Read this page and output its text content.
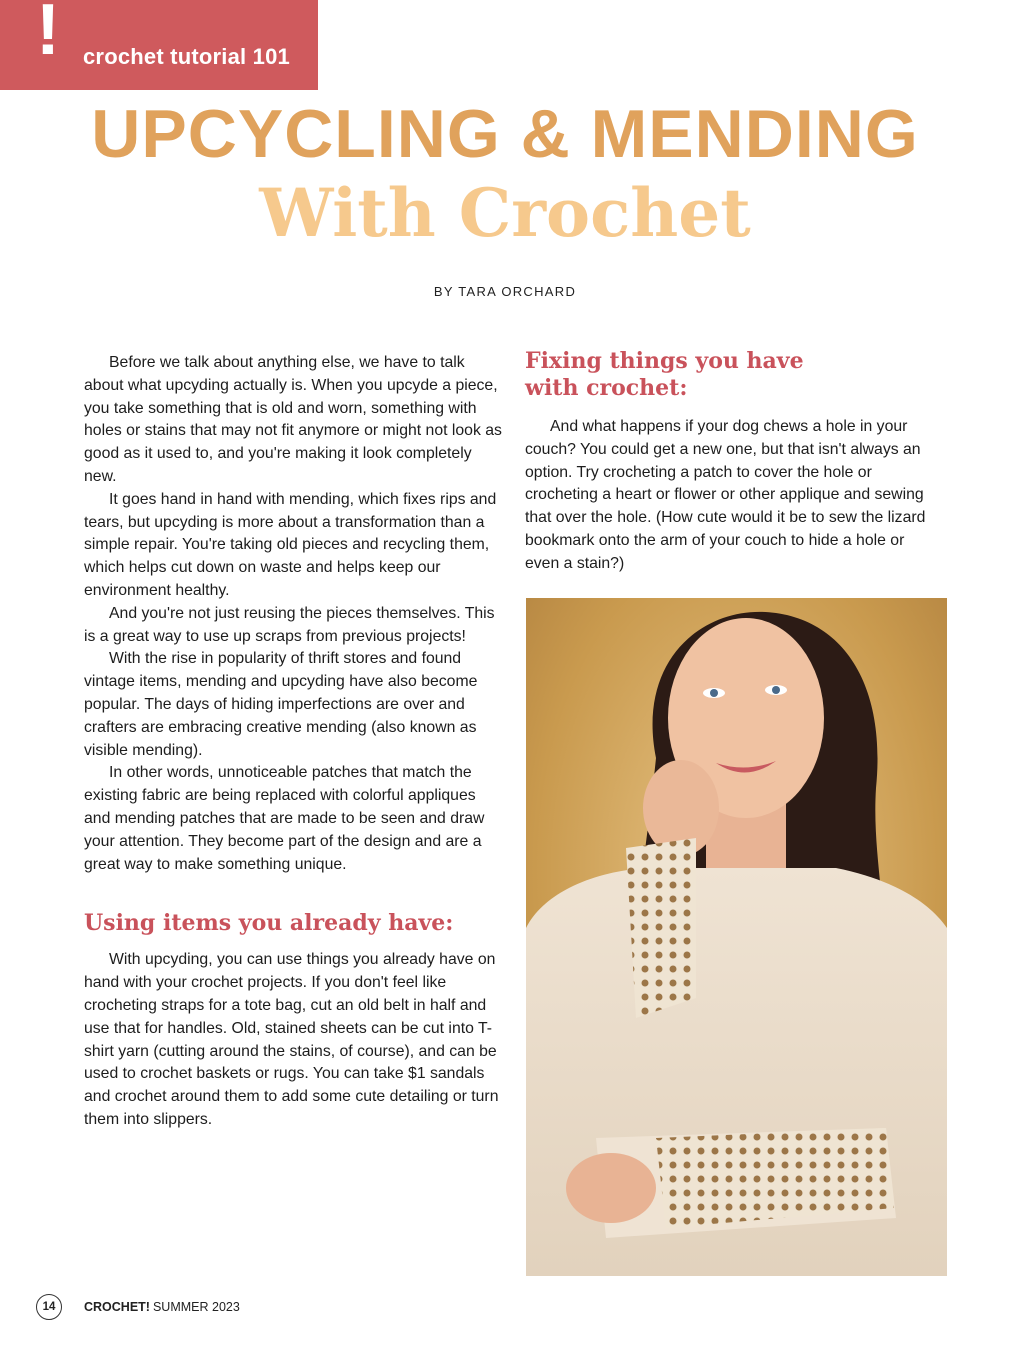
! crochet tutorial 101
UPCYCLING & MENDING
With Crochet
BY TARA ORCHARD

Before we talk about anything else, we have to talk about what upcyding actually is. When you upcyde a piece, you take something that is old and worn, something with holes or stains that may not fit anymore or might not look as good as it used to, and you're making it look completely new.

It goes hand in hand with mending, which fixes rips and tears, but upcyding is more about a transformation than a simple repair. You're taking old pieces and recycling them, which helps cut down on waste and helps keep our environment healthy.

And you're not just reusing the pieces themselves. This is a great way to use up scraps from previous projects!

With the rise in popularity of thrift stores and found vintage items, mending and upcyding have also become popular. The days of hiding imperfections are over and crafters are embracing creative mending (also known as visible mending).

In other words, unnoticeable patches that match the existing fabric are being replaced with colorful appliques and mending patches that are made to be seen and draw your attention. They become part of the design and are a great way to make something unique.

Using items you already have:

With upcyding, you can use things you already have on hand with your crochet projects. If you don't feel like crocheting straps for a tote bag, cut an old belt in half and use that for handles. Old, stained sheets can be cut into T-shirt yarn (cutting around the stains, of course), and can be used to crochet baskets or rugs. You can take $1 sandals and crochet around them to add some cute detailing or turn them into slippers.

Fixing things you have
with crochet:

And what happens if your dog chews a hole in your couch? You could get a new one, but that isn't always an option. Try crocheting a patch to cover the hole or crocheting a heart or flower or other applique and sewing that over the hole. (How cute would it be to sew the lizard bookmark onto the arm of your couch to hide a hole or even a stain?)

14	CROCHET! SUMMER 2023
